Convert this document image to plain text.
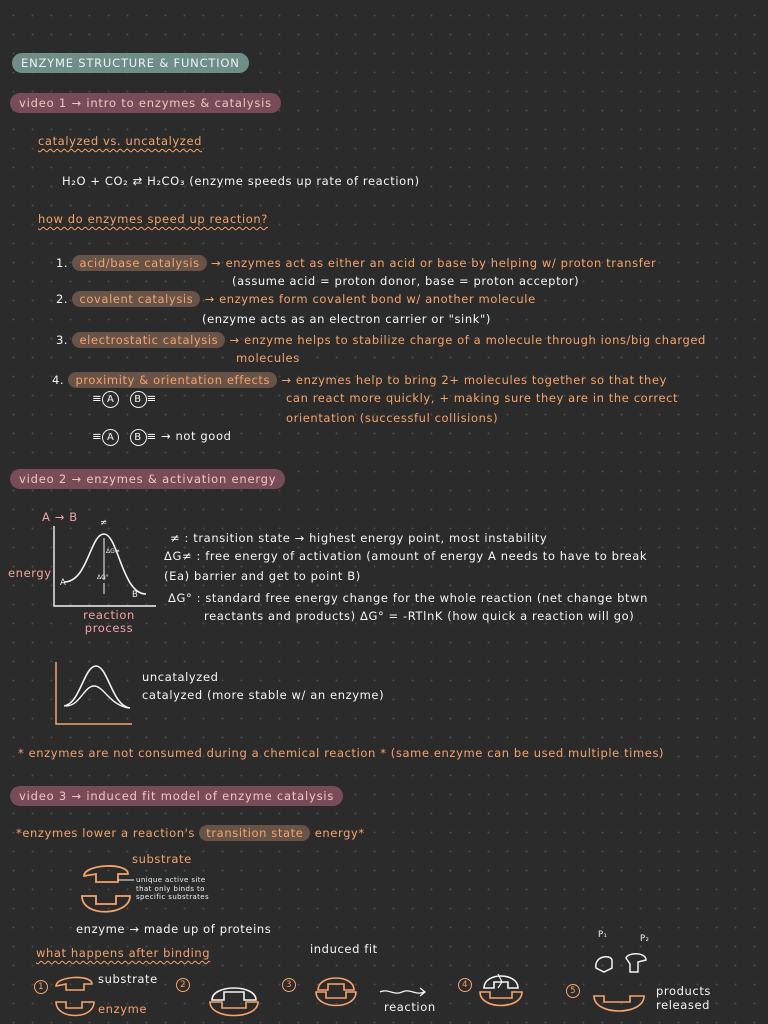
ENZYME STRUCTURE & FUNCTION
video 1 → intro to enzymes & catalysis
catalyzed vs. uncatalyzed
H₂O + CO₂ ⇄ H₂CO₃ (enzyme speeds up rate of reaction)
how do enzymes speed up reaction?
1. acid/base catalysis → enzymes act as either an acid or base by helping w/ proton transfer
(assume acid = proton donor, base = proton acceptor)
2. covalent catalysis → enzymes form covalent bond w/ another molecule
(enzyme acts as an electron carrier or "sink")
3. electrostatic catalysis → enzyme helps to stabilize charge of a molecule through ions/big charged
molecules
4. proximity & orientation effects → enzymes help to bring 2+ molecules together so that they
can react more quickly, + making sure they are in the correct
orientation (successful collisions)
≡ A B ≡
≡ A B ≡ → not good
video 2 → enzymes & activation energy
A → B	≠
ΔG≠
ΔG°
A
B
energy
reaction process
≠ : transition state → highest energy point, most instability
ΔG≠ : free energy of activation (amount of energy A needs to have to break
(Ea) barrier and get to point B)
ΔG° : standard free energy change for the whole reaction (net change btwn
reactants and products) ΔG° = -RTlnK (how quick a reaction will go)
uncatalyzed
catalyzed (more stable w/ an enzyme)
* enzymes are not consumed during a chemical reaction * (same enzyme can be used multiple times)
video 3 → induced fit model of enzyme catalysis
*enzymes lower a reaction's transition state energy*
substrate
unique active site that only binds to specific substrates
enzyme → made up of proteins
what happens after binding
1
substrate
enzyme
2	3
induced fit
reaction
4
5
P₁	P₂
products released
